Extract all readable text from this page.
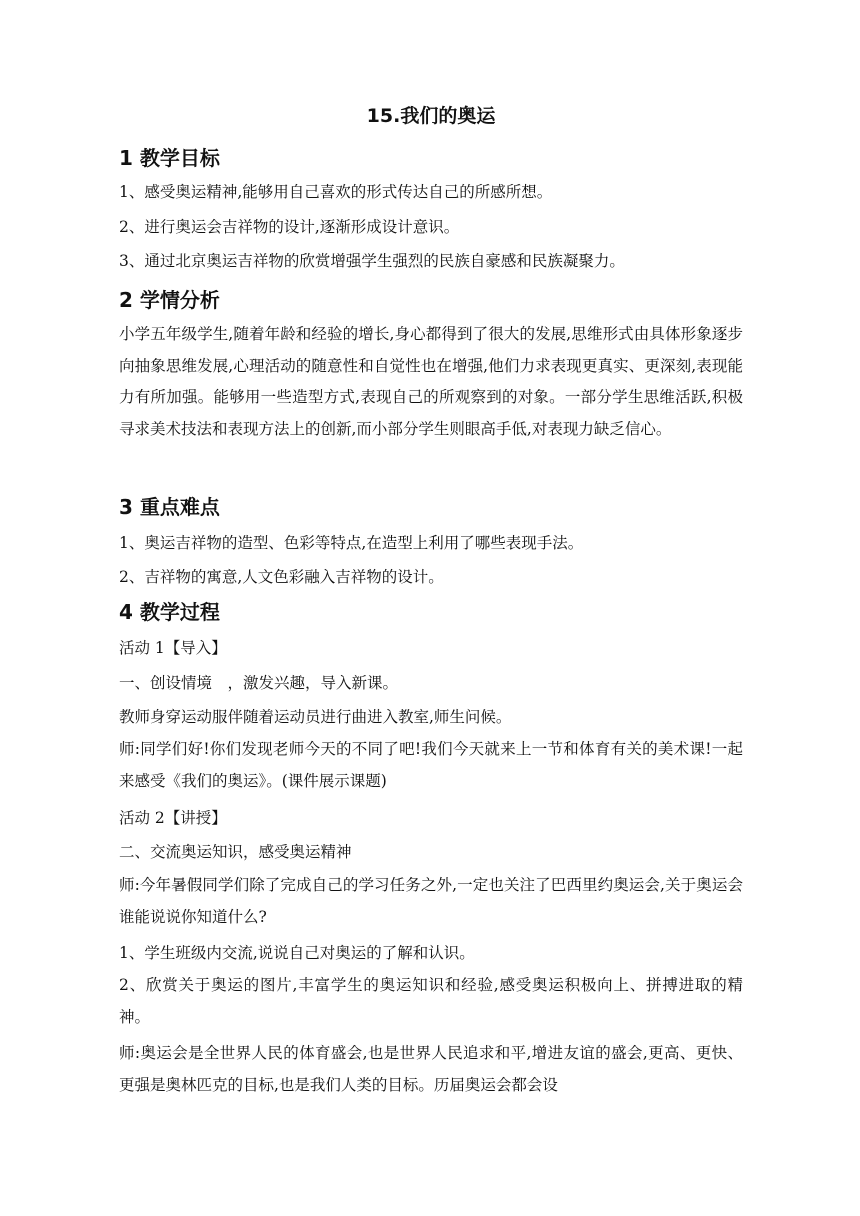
15.我们的奥运
1 教学目标

1、感受奥运精神,能够用自己喜欢的形式传达自己的所感所想。

2、进行奥运会吉祥物的设计,逐渐形成设计意识。

3、通过北京奥运吉祥物的欣赏增强学生强烈的民族自豪感和民族凝聚力。

2 学情分析

小学五年级学生,随着年龄和经验的增长,身心都得到了很大的发展,思维形式由具体形象逐步向抽象思维发展,心理活动的随意性和自觉性也在增强,他们力求表现更真实、更深刻,表现能力有所加强。能够用一些造型方式,表现自己的所观察到的对象。一部分学生思维活跃,积极寻求美术技法和表现方法上的创新,而小部分学生则眼高手低,对表现力缺乏信心。

3 重点难点

1、奥运吉祥物的造型、色彩等特点,在造型上利用了哪些表现手法。

2、吉祥物的寓意,人文色彩融入吉祥物的设计。

4 教学过程

活动 1【导入】

一、创设情境　，激发兴趣，导入新课。

教师身穿运动服伴随着运动员进行曲进入教室,师生问候。

师:同学们好!你们发现老师今天的不同了吧!我们今天就来上一节和体育有关的美术课!一起来感受《我们的奥运》。(课件展示课题)

活动 2【讲授】

二、交流奥运知识，感受奥运精神

师:今年暑假同学们除了完成自己的学习任务之外,一定也关注了巴西里约奥运会,关于奥运会谁能说说你知道什么?

1、学生班级内交流,说说自己对奥运的了解和认识。

2、欣赏关于奥运的图片,丰富学生的奥运知识和经验,感受奥运积极向上、拼搏进取的精神。

师:奥运会是全世界人民的体育盛会,也是世界人民追求和平,增进友谊的盛会,更高、更快、更强是奥林匹克的目标,也是我们人类的目标。历届奥运会都会设
